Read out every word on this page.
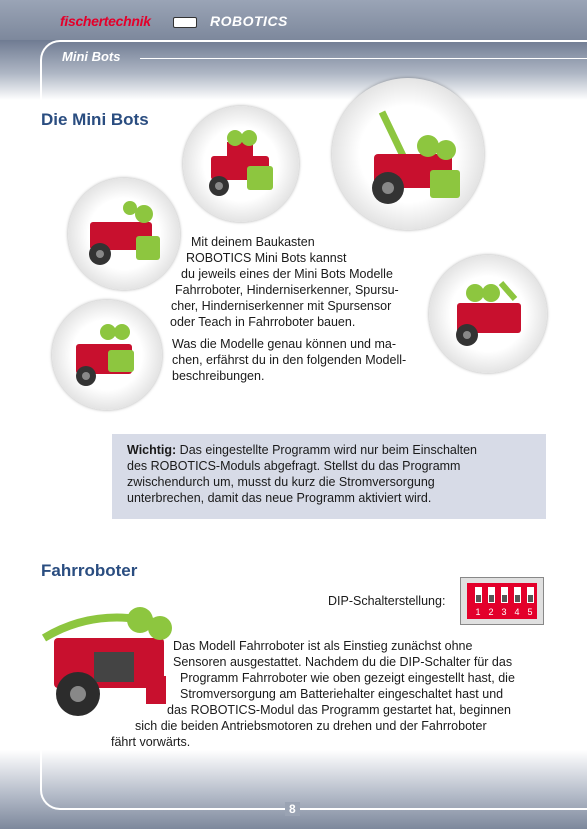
fischertechnik	ROBOTICS
Mini Bots
Die Mini Bots
Mit deinem Baukasten
ROBOTICS Mini Bots kannst
du jeweils eines der Mini Bots Modelle
Fahrroboter, Hinderniserkenner, Spursu-
cher, Hinderniserkenner mit Spursensor
oder Teach in Fahrroboter bauen.
Was die Modelle genau können und ma-
chen, erfährst du in den folgenden Modell-
beschreibungen.
Wichtig: Das eingestellte Programm wird nur beim Einschalten
des ROBOTICS-Moduls abgefragt. Stellst du das Programm
zwischendurch um, musst du kurz die Stromversorgung
unterbrechen, damit das neue Programm aktiviert wird.
Fahrroboter
DIP-Schalterstellung:
1 2 3 4 5
Das Modell Fahrroboter ist als Einstieg zunächst ohne
Sensoren ausgestattet. Nachdem du die DIP-Schalter für das
Programm Fahrroboter wie oben gezeigt eingestellt hast, die
Stromversorgung am Batteriehalter eingeschaltet hast und
das ROBOTICS-Modul das Programm gestartet hat, beginnen
sich die beiden Antriebsmotoren zu drehen und der Fahrroboter
fährt vorwärts.
8
